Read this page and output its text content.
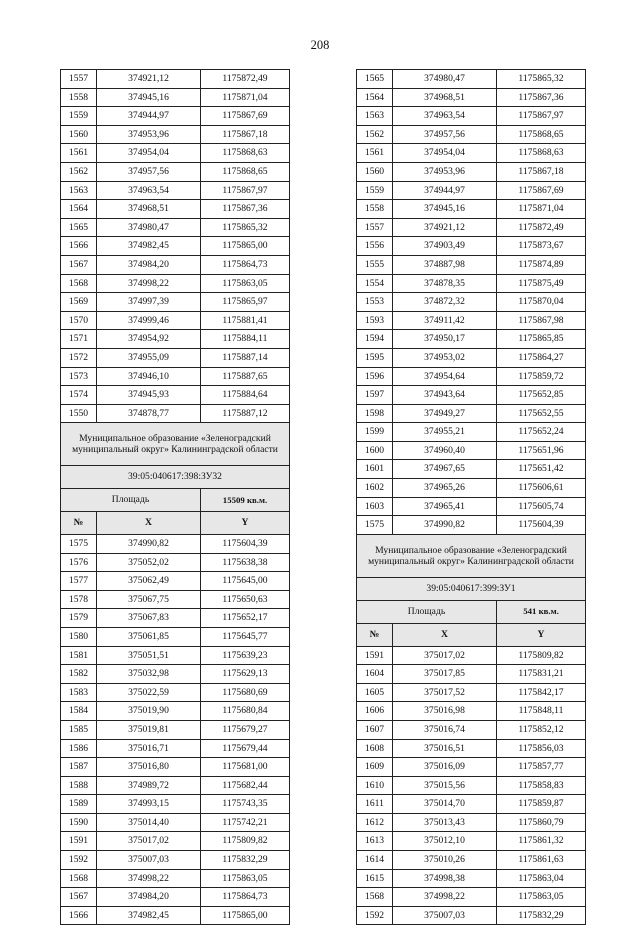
208
1557	374921,12	1175872,49
1558	374945,16	1175871,04
1559	374944,97	1175867,69
1560	374953,96	1175867,18
1561	374954,04	1175868,63
1562	374957,56	1175868,65
1563	374963,54	1175867,97
1564	374968,51	1175867,36
1565	374980,47	1175865,32
1566	374982,45	1175865,00
1567	374984,20	1175864,73
1568	374998,22	1175863,05
1569	374997,39	1175865,97
1570	374999,46	1175881,41
1571	374954,92	1175884,11
1572	374955,09	1175887,14
1573	374946,10	1175887,65
1574	374945,93	1175884,64
1550	374878,77	1175887,12
Муниципальное образование «Зеленоградский муниципальный округ» Калининградской области		
39:05:040617:398:ЗУ32		
Площадь		15509 кв.м.
№	X	Y
1575	374990,82	1175604,39
1576	375052,02	1175638,38
1577	375062,49	1175645,00
1578	375067,75	1175650,63
1579	375067,83	1175652,17
1580	375061,85	1175645,77
1581	375051,51	1175639,23
1582	375032,98	1175629,13
1583	375022,59	1175680,69
1584	375019,90	1175680,84
1585	375019,81	1175679,27
1586	375016,71	1175679,44
1587	375016,80	1175681,00
1588	374989,72	1175682,44
1589	374993,15	1175743,35
1590	375014,40	1175742,21
1591	375017,02	1175809,82
1592	375007,03	1175832,29
1568	374998,22	1175863,05
1567	374984,20	1175864,73
1566	374982,45	1175865,00
1565	374980,47	1175865,32
1564	374968,51	1175867,36
1563	374963,54	1175867,97
1562	374957,56	1175868,65
1561	374954,04	1175868,63
1560	374953,96	1175867,18
1559	374944,97	1175867,69
1558	374945,16	1175871,04
1557	374921,12	1175872,49
1556	374903,49	1175873,67
1555	374887,98	1175874,89
1554	374878,35	1175875,49
1553	374872,32	1175870,04
1593	374911,42	1175867,98
1594	374950,17	1175865,85
1595	374953,02	1175864,27
1596	374954,64	1175859,72
1597	374943,64	1175652,85
1598	374949,27	1175652,55
1599	374955,21	1175652,24
1600	374960,40	1175651,96
1601	374967,65	1175651,42
1602	374965,26	1175606,61
1603	374965,41	1175605,74
1575	374990,82	1175604,39
Муниципальное образование «Зеленоградский муниципальный округ» Калининградской области		
39:05:040617:399:ЗУ1		
Площадь		541 кв.м.
№	X	Y
1591	375017,02	1175809,82
1604	375017,85	1175831,21
1605	375017,52	1175842,17
1606	375016,98	1175848,11
1607	375016,74	1175852,12
1608	375016,51	1175856,03
1609	375016,09	1175857,77
1610	375015,56	1175858,83
1611	375014,70	1175859,87
1612	375013,43	1175860,79
1613	375012,10	1175861,32
1614	375010,26	1175861,63
1615	374998,38	1175863,04
1568	374998,22	1175863,05
1592	375007,03	1175832,29
